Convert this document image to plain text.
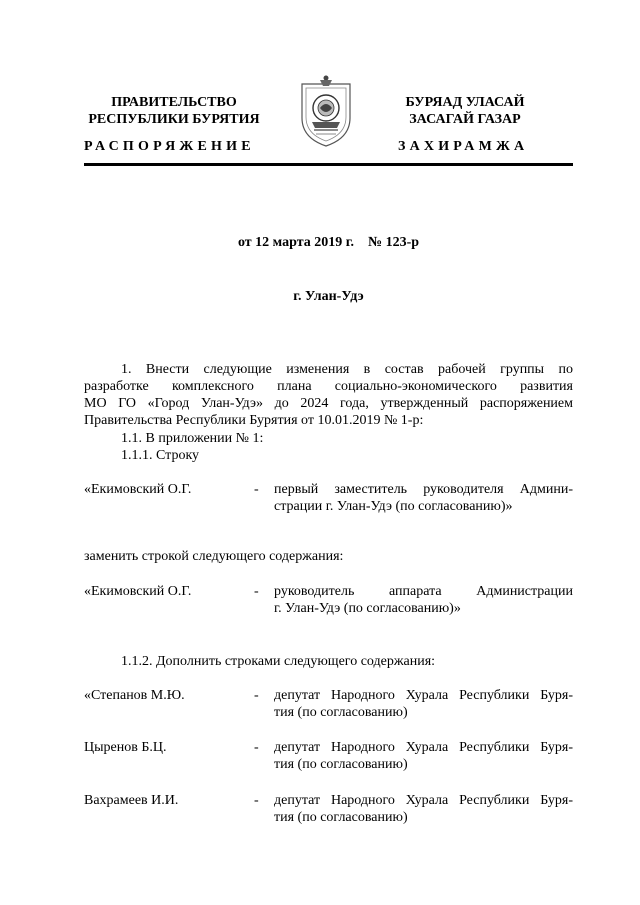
ПРАВИТЕЛЬСТВО
РЕСПУБЛИКИ БУРЯТИЯ
БУРЯАД УЛАСАЙ
ЗАСАГАЙ ГАЗАР
РАСПОРЯЖЕНИЕ	ЗАХИРАМЖА
от 12 марта 2019 г.    № 123-р
г. Улан-Удэ
1. Внести следующие изменения в состав рабочей группы по
разработке комплексного плана социально-экономического развития
МО ГО «Город Улан-Удэ» до 2024 года, утвержденный распоряжением
Правительства Республики Бурятия от 10.01.2019 № 1-р:
1.1. В приложении № 1:
1.1.1. Строку
«Екимовский О.Г.	- первый заместитель руководителя Админи-
страции г. Улан-Удэ (по согласованию)»
заменить строкой следующего содержания:
«Екимовский О.Г.	- руководитель аппарата Администрации
г. Улан-Удэ (по согласованию)»
1.1.2. Дополнить строками следующего содержания:
«Степанов М.Ю.	- депутат Народного Хурала Республики Буря-
тия (по согласованию)
Цыренов Б.Ц.	- депутат Народного Хурала Республики Буря-
тия (по согласованию)
Вахрамеев И.И.	- депутат Народного Хурала Республики Буря-
тия (по согласованию)
